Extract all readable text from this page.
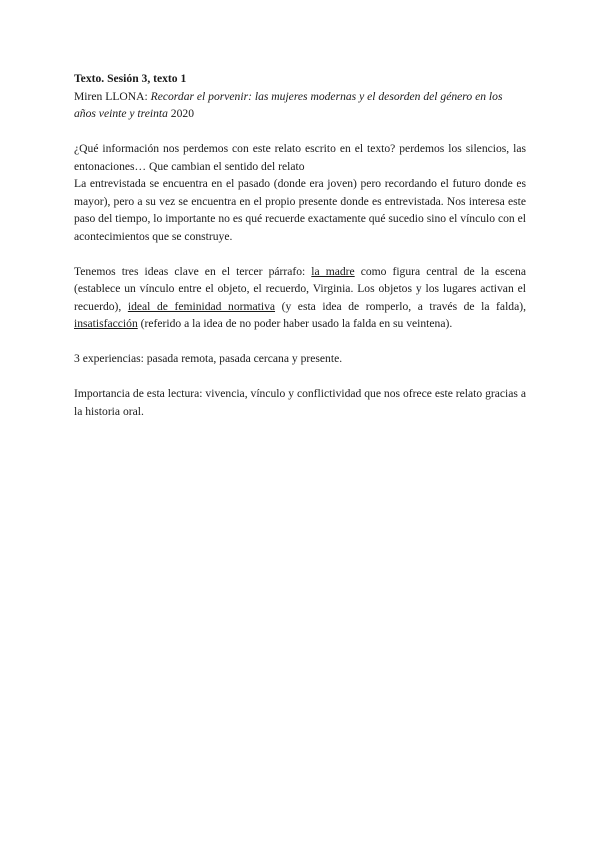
Texto. Sesión 3, texto 1
Miren LLONA: Recordar el porvenir: las mujeres modernas y el desorden del género en los años veinte y treinta 2020

¿Qué información nos perdemos con este relato escrito en el texto? perdemos los silencios, las entonaciones… Que cambian el sentido del relato

La entrevistada se encuentra en el pasado (donde era joven) pero recordando el futuro donde es mayor), pero a su vez se encuentra en el propio presente donde es entrevistada. Nos interesa este paso del tiempo, lo importante no es qué recuerde exactamente qué sucedio sino el vínculo con el acontecimientos que se construye.

Tenemos tres ideas clave en el tercer párrafo: la madre como figura central de la escena (establece un vínculo entre el objeto, el recuerdo, Virginia. Los objetos y los lugares activan el recuerdo), ideal de feminidad normativa (y esta idea de romperlo, a través de la falda), insatisfacción (referido a la idea de no poder haber usado la falda en su veintena).

3 experiencias: pasada remota, pasada cercana y presente.

Importancia de esta lectura: vivencia, vínculo y conflictividad que nos ofrece este relato gracias a la historia oral.
